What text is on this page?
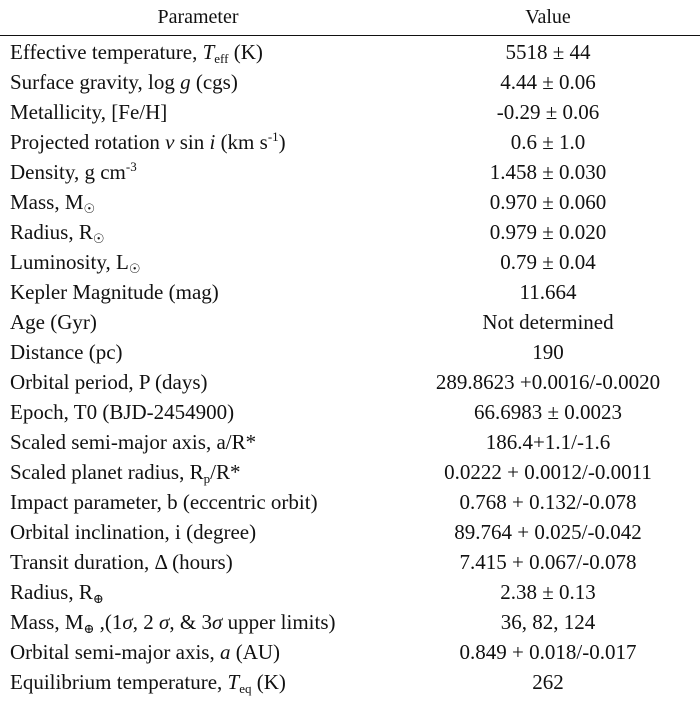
Parameter	Value
Effective temperature, $T_{eff}$ (K)	5518 ± 44
Surface gravity, log g (cgs)	4.44 ± 0.06
Metallicity, [Fe/H]	-0.29 ± 0.06
Projected rotation v sin i (km $s^{-1}$)	0.6 ± 1.0
Density, g $cm^{-3}$	1.458 ± 0.030
Mass, $M_☉$	0.970 ± 0.060
Radius, $R_☉$	0.979 ± 0.020
Luminosity, $L_☉$	0.79 ± 0.04
Kepler Magnitude (mag)	11.664
Age (Gyr)	Not determined
Distance (pc)	190
Orbital period, P (days)	289.8623 +0.0016/-0.0020
Epoch, T0 (BJD-2454900)	66.6983 ± 0.0023
Scaled semi-major axis, a/R*	186.4+1.1/-1.6
Scaled planet radius, $R_p/R*$	0.0222 + 0.0012/-0.0011
Impact parameter, b (eccentric orbit)	0.768 + 0.132/-0.078
Orbital inclination, i (degree)	89.764 + 0.025/-0.042
Transit duration, Δ (hours)	7.415 + 0.067/-0.078
Radius, $R_\oplus$	2.38 ± 0.13
Mass, $M_\oplus$ ,(1σ, 2 σ, & 3σ upper limits)	36, 82, 124
Orbital semi-major axis, a (AU)	0.849 + 0.018/-0.017
Equilibrium temperature, $T_{eq}$ (K)	262
